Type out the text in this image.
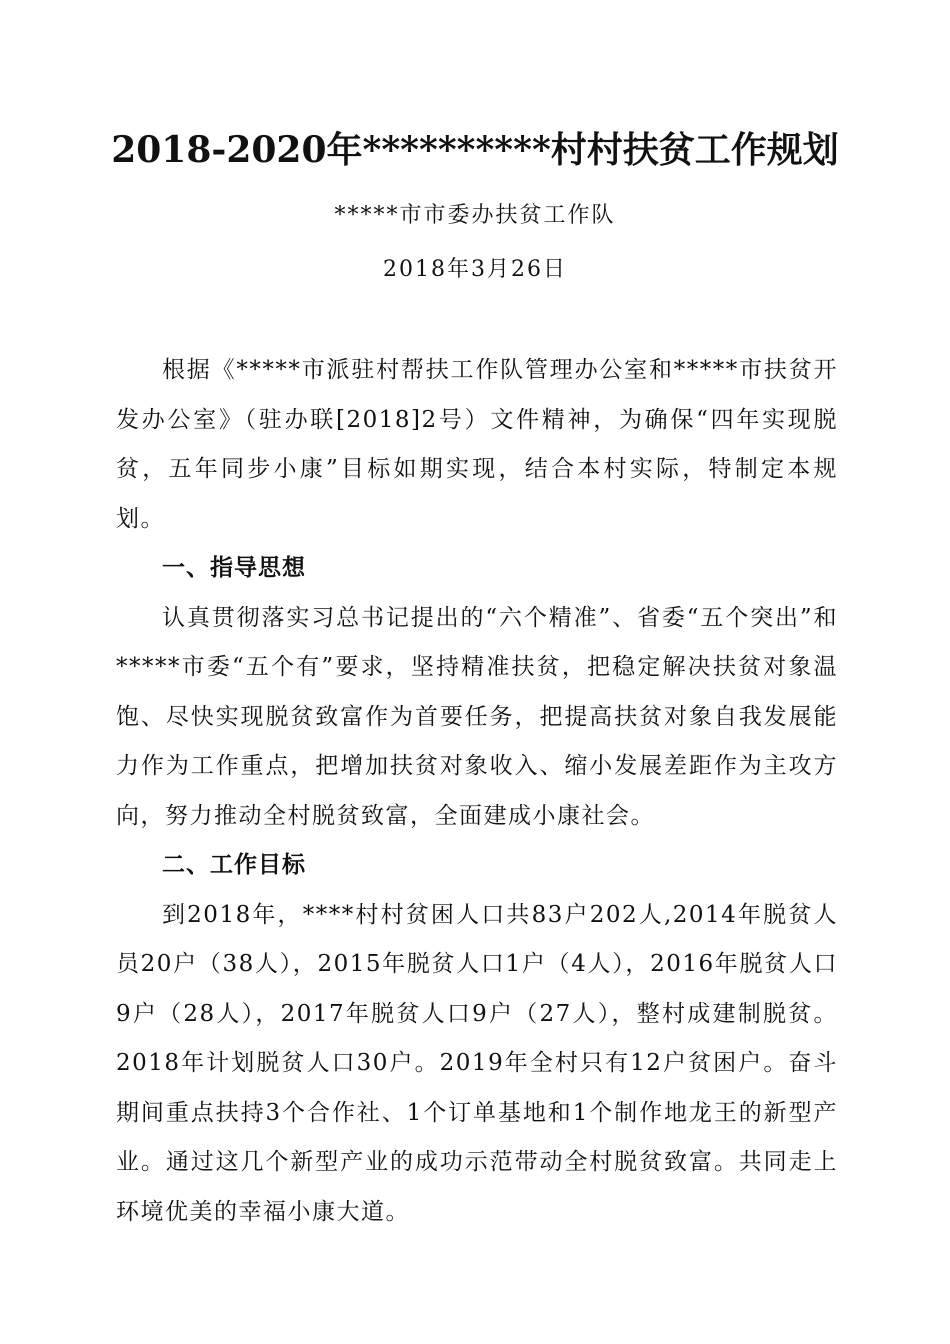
2018-2020年**********村村扶贫工作规划
*****市市委办扶贫工作队
2018年3月26日

根据《*****市派驻村帮扶工作队管理办公室和*****市扶贫开发办公室》（驻办联[2018]2号）文件精神，为确保“四年实现脱贫，五年同步小康”目标如期实现，结合本村实际，特制定本规划。

一、指导思想

认真贯彻落实习总书记提出的“六个精准”、省委“五个突出”和*****市委“五个有”要求，坚持精准扶贫，把稳定解决扶贫对象温饱、尽快实现脱贫致富作为首要任务，把提高扶贫对象自我发展能力作为工作重点，把增加扶贫对象收入、缩小发展差距作为主攻方向，努力推动全村脱贫致富，全面建成小康社会。

二、工作目标

到2018年，****村村贫困人口共83户202人,2014年脱贫人员20户（38人），2015年脱贫人口1户（4人），2016年脱贫人口9户（28人），2017年脱贫人口9户（27人），整村成建制脱贫。2018年计划脱贫人口30户。2019年全村只有12户贫困户。奋斗期间重点扶持3个合作社、1个订单基地和1个制作地龙王的新型产业。通过这几个新型产业的成功示范带动全村脱贫致富。共同走上环境优美的幸福小康大道。
